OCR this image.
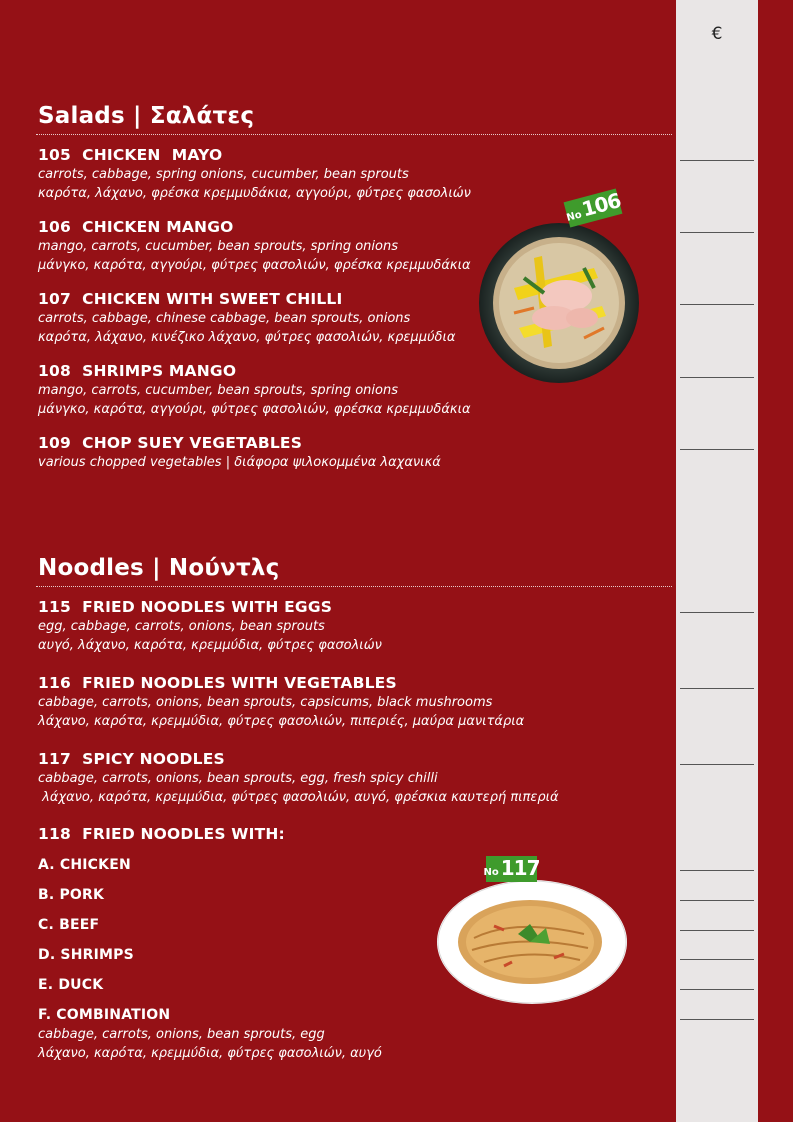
€
Salads | Σαλάτες
105  CHICKEN  MAYO
carrots, cabbage, spring onions, cucumber, bean sprouts
καρότα, λάχανο, φρέσκα κρεμμυδάκια, αγγούρι, φύτρες φασολιών
106  CHICKEN MANGO
mango, carrots, cucumber, bean sprouts, spring onions
μάνγκο, καρότα, αγγούρι, φύτρες φασολιών, φρέσκα κρεμμυδάκια
107  CHICKEN WITH SWEET CHILLI
carrots, cabbage, chinese cabbage, bean sprouts, onions
καρότα, λάχανο, κινέζικο λάχανο, φύτρες φασολιών, κρεμμύδια
108  SHRIMPS MANGO
mango, carrots, cucumber, bean sprouts, spring onions
μάνγκο, καρότα, αγγούρι, φύτρες φασολιών, φρέσκα κρεμμυδάκια
109  CHOP SUEY VEGETABLES
various chopped vegetables | διάφορα ψιλοκομμένα λαχανικά
No
106
Noodles | Νούντλς
115  FRIED NOODLES WITH EGGS
egg, cabbage, carrots, onions, bean sprouts
αυγό, λάχανο, καρότα, κρεμμύδια, φύτρες φασολιών
116  FRIED NOODLES WITH VEGETABLES
cabbage, carrots, onions, bean sprouts, capsicums, black mushrooms
λάχανο, καρότα, κρεμμύδια, φύτρες φασολιών, πιπεριές, μαύρα μανιτάρια
117  SPICY NOODLES
cabbage, carrots, onions, bean sprouts, egg, fresh spicy chilli
λάχανο, καρότα, κρεμμύδια, φύτρες φασολιών, αυγό, φρέσκια καυτερή πιπεριά
118  FRIED NOODLES WITH:
A. CHICKEN
B. PORK
C. BEEF
D. SHRIMPS
E. DUCK
F. COMBINATION
cabbage, carrots, onions, bean sprouts, egg
λάχανο, καρότα, κρεμμύδια, φύτρες φασολιών, αυγό
No 117
